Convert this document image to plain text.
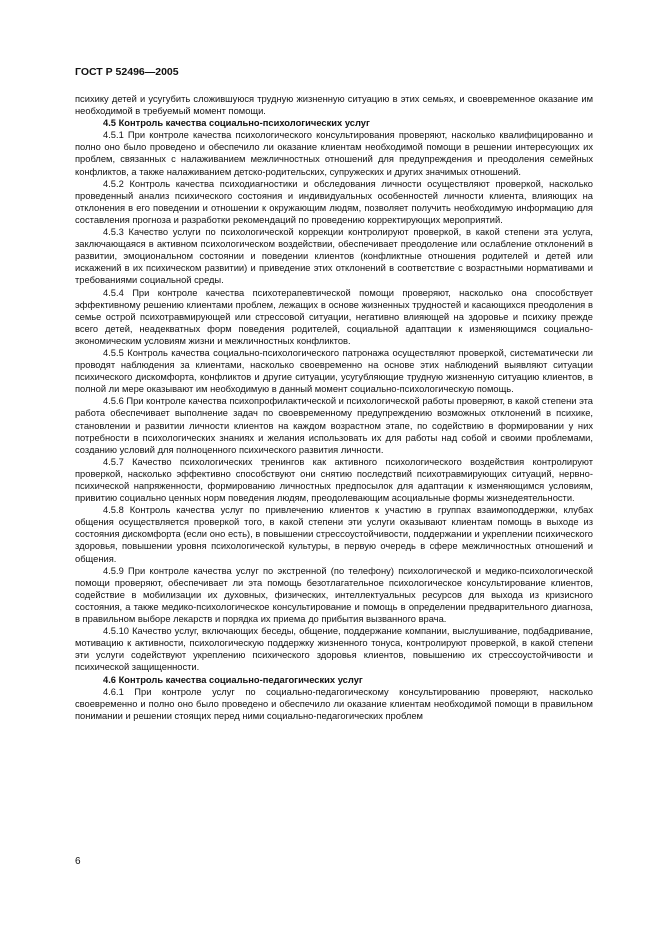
ГОСТ Р 52496—2005

психику детей и усугубить сложившуюся трудную жизненную ситуацию в этих семьях, и своевременное оказание им необходимой в требуемый момент помощи.

4.5 Контроль качества социально-психологических услуг

4.5.1 При контроле качества психологического консультирования проверяют, насколько квалифицированно и полно оно было проведено и обеспечило ли оказание клиентам необходимой помощи в решении интересующих их проблем, связанных с налаживанием межличностных отношений для предупреждения и преодоления семейных конфликтов, а также налаживанием детско-родительских, супружеских и других значимых отношений.

4.5.2 Контроль качества психодиагностики и обследования личности осуществляют проверкой, насколько проведенный анализ психического состояния и индивидуальных особенностей личности клиента, влияющих на отклонения в его поведении и отношении к окружающим людям, позволяет получить необходимую информацию для составления прогноза и разработки рекомендаций по проведению корректирующих мероприятий.

4.5.3 Качество услуги по психологической коррекции контролируют проверкой, в какой степени эта услуга, заключающаяся в активном психологическом воздействии, обеспечивает преодоление или ослабление отклонений в развитии, эмоциональном состоянии и поведении клиентов (конфликтные отношения родителей и детей или искажений в их психическом развитии) и приведение этих отклонений в соответствие с возрастными нормативами и требованиями социальной среды.

4.5.4 При контроле качества психотерапевтической помощи проверяют, насколько она способствует эффективному решению клиентами проблем, лежащих в основе жизненных трудностей и касающихся преодоления в семье острой психотравмирующей или стрессовой ситуации, негативно влияющей на здоровье и психику прежде всего детей, неадекватных форм поведения родителей, социальной адаптации к изменяющимся социально-экономическим условиям жизни и межличностных конфликтов.

4.5.5 Контроль качества социально-психологического патронажа осуществляют проверкой, систематически ли проводят наблюдения за клиентами, насколько своевременно на основе этих наблюдений выявляют ситуации психического дискомфорта, конфликтов и другие ситуации, усугубляющие трудную жизненную ситуацию клиентов, в полной ли мере оказывают им необходимую в данный момент социально-психологическую помощь.

4.5.6 При контроле качества психопрофилактической и психологической работы проверяют, в какой степени эта работа обеспечивает выполнение задач по своевременному предупреждению возможных отклонений в психике, становлении и развитии личности клиентов на каждом возрастном этапе, по содействию в формировании у них потребности в психологических знаниях и желания использовать их для работы над собой и своими проблемами, созданию условий для полноценного психического развития личности.

4.5.7 Качество психологических тренингов как активного психологического воздействия контролируют проверкой, насколько эффективно способствуют они снятию последствий психотравмирующих ситуаций, нервно-психической напряженности, формированию личностных предпосылок для адаптации к изменяющимся условиям, привитию социально ценных норм поведения людям, преодолевающим асоциальные формы жизнедеятельности.

4.5.8 Контроль качества услуг по привлечению клиентов к участию в группах взаимоподдержки, клубах общения осуществляется проверкой того, в какой степени эти услуги оказывают клиентам помощь в выходе из состояния дискомфорта (если оно есть), в повышении стрессоустойчивости, поддержании и укреплении психического здоровья, повышении уровня психологической культуры, в первую очередь в сфере межличностных отношений и общения.

4.5.9 При контроле качества услуг по экстренной (по телефону) психологической и медико-психологической помощи проверяют, обеспечивает ли эта помощь безотлагательное психологическое консультирование клиентов, содействие в мобилизации их духовных, физических, интеллектуальных ресурсов для выхода из кризисного состояния, а также медико-психологическое консультирование и помощь в определении предварительного диагноза, в правильном выборе лекарств и порядка их приема до прибытия вызванного врача.

4.5.10 Качество услуг, включающих беседы, общение, поддержание компании, выслушивание, подбадривание, мотивацию к активности, психологическую поддержку жизненного тонуса, контролируют проверкой, в какой степени эти услуги содействуют укреплению психического здоровья клиентов, повышению их стрессоустойчивости и психической защищенности.

4.6 Контроль качества социально-педагогических услуг

4.6.1 При контроле услуг по социально-педагогическому консультированию проверяют, насколько своевременно и полно оно было проведено и обеспечило ли оказание клиентам необходимой помощи в правильном понимании и решении стоящих перед ними социально-педагогических проблем

6
